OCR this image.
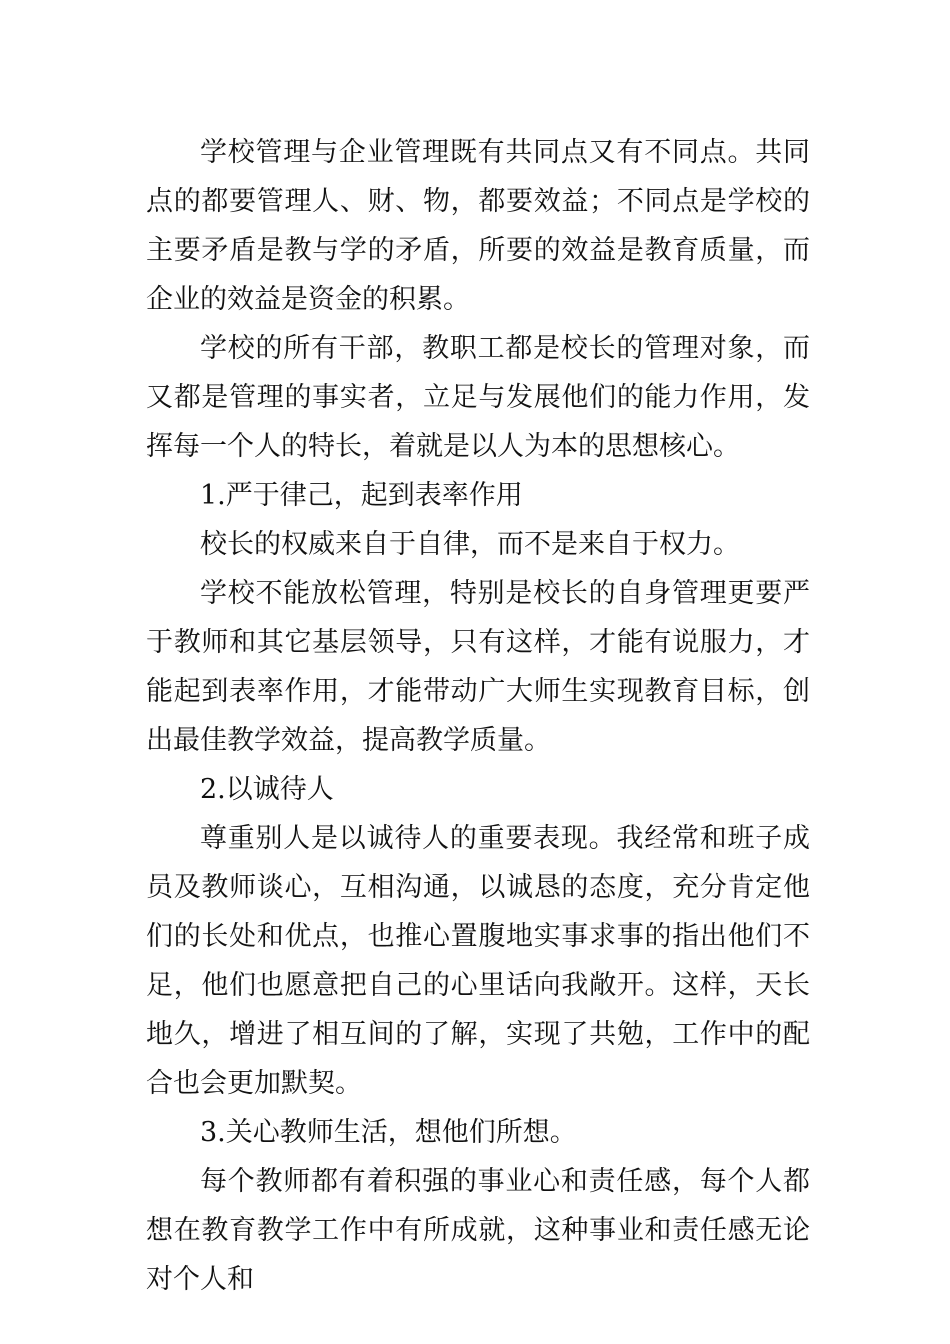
学校管理与企业管理既有共同点又有不同点。共同点的都要管理人、财、物，都要效益；不同点是学校的主要矛盾是教与学的矛盾，所要的效益是教育质量，而企业的效益是资金的积累。

学校的所有干部，教职工都是校长的管理对象，而又都是管理的事实者，立足与发展他们的能力作用，发挥每一个人的特长，着就是以人为本的思想核心。

1.严于律己，起到表率作用

校长的权威来自于自律，而不是来自于权力。

学校不能放松管理，特别是校长的自身管理更要严于教师和其它基层领导，只有这样，才能有说服力，才能起到表率作用，才能带动广大师生实现教育目标，创出最佳教学效益，提高教学质量。

2.以诚待人

尊重别人是以诚待人的重要表现。我经常和班子成员及教师谈心，互相沟通，以诚恳的态度，充分肯定他们的长处和优点，也推心置腹地实事求事的指出他们不足，他们也愿意把自己的心里话向我敞开。这样，天长地久，增进了相互间的了解，实现了共勉，工作中的配合也会更加默契。

3.关心教师生活，想他们所想。

每个教师都有着积强的事业心和责任感，每个人都想在教育教学工作中有所成就，这种事业和责任感无论对个人和
